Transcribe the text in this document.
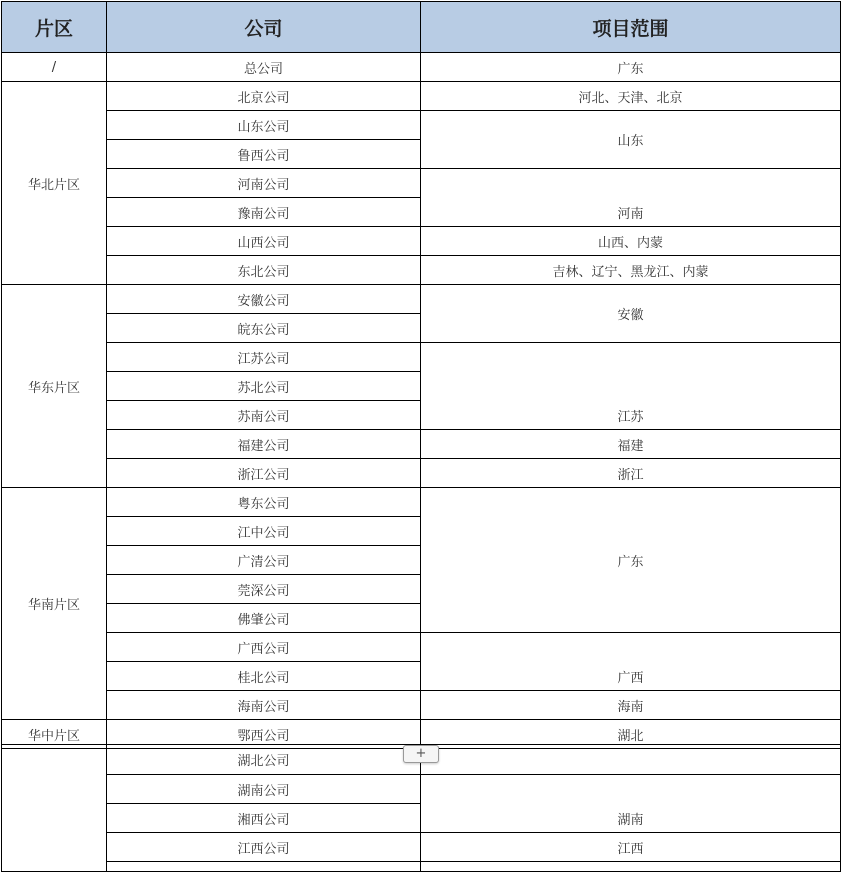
片区	公司	项目范围
/	总公司	广东
华北片区	北京公司	河北、天津、北京
	山东公司	山东
	鲁西公司	
	河南公司	河南
	豫南公司	
	山西公司	山西、内蒙
	东北公司	吉林、辽宁、黑龙江、内蒙
华东片区	安徽公司	安徽
	皖东公司	
	江苏公司	江苏
	苏北公司	
	苏南公司	
	福建公司	福建
	浙江公司	浙江
华南片区	粤东公司	广东
	江中公司	
	广清公司	
	莞深公司	
	佛肇公司	
	广西公司	广西
	桂北公司	
	海南公司	海南
华中片区	鄂西公司	湖北
+
	湖北公司	
	湖南公司	湖南
	湘西公司	
	江西公司	江西
